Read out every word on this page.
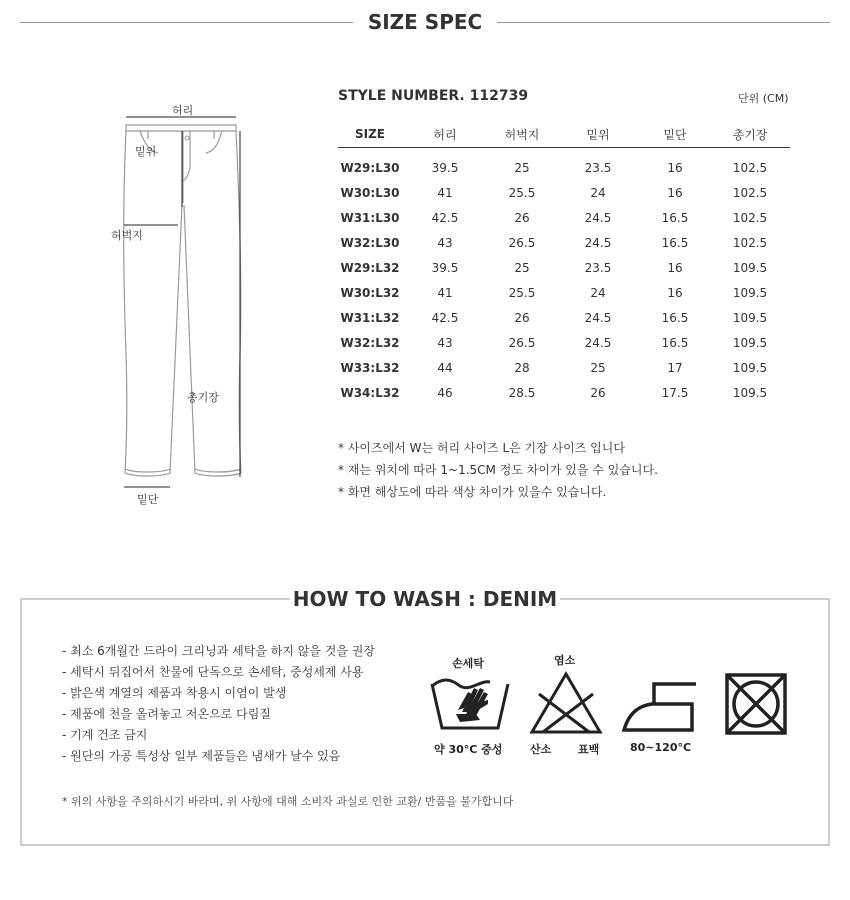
SIZE SPEC
허리
밑위
허벅지
총기장
밑단
STYLE NUMBER. 112739	단위 (CM)
SIZE	허리	허벅지	밑위	밑단	총기장
W29:L30	39.5	25	23.5	16	102.5
W30:L30	41	25.5	24	16	102.5
W31:L30	42.5	26	24.5	16.5	102.5
W32:L30	43	26.5	24.5	16.5	102.5
W29:L32	39.5	25	23.5	16	109.5
W30:L32	41	25.5	24	16	109.5
W31:L32	42.5	26	24.5	16.5	109.5
W32:L32	43	26.5	24.5	16.5	109.5
W33:L32	44	28	25	17	109.5
W34:L32	46	28.5	26	17.5	109.5
* 사이즈에서 W는 허리 사이즈 L은 기장 사이즈 입니다
* 재는 위치에 따라 1~1.5CM 정도 차이가 있을 수 있습니다.
* 화면 해상도에 따라 색상 차이가 있을수 있습니다.
HOW TO WASH : DENIM
- 최소 6개월간 드라이 크리닝과 세탁을 하지 않을 것을 권장
- 세탁시 뒤집어서 찬물에 단독으로 손세탁, 중성세제 사용
- 밝은색 계열의 제품과 착용시 이염이 발생
- 제품에 천을 올려놓고 저온으로 다림질
- 기계 건조 금지
- 원단의 가공 특성상 일부 제품들은 냄새가 날수 있음
* 위의 사항을 주의하시기 바라며, 위 사항에 대해 소비자 과실로 인한 교환/ 반품을 불가합니다
손세탁
약 30°C 중성
염소
산소 표백	80~120°C
